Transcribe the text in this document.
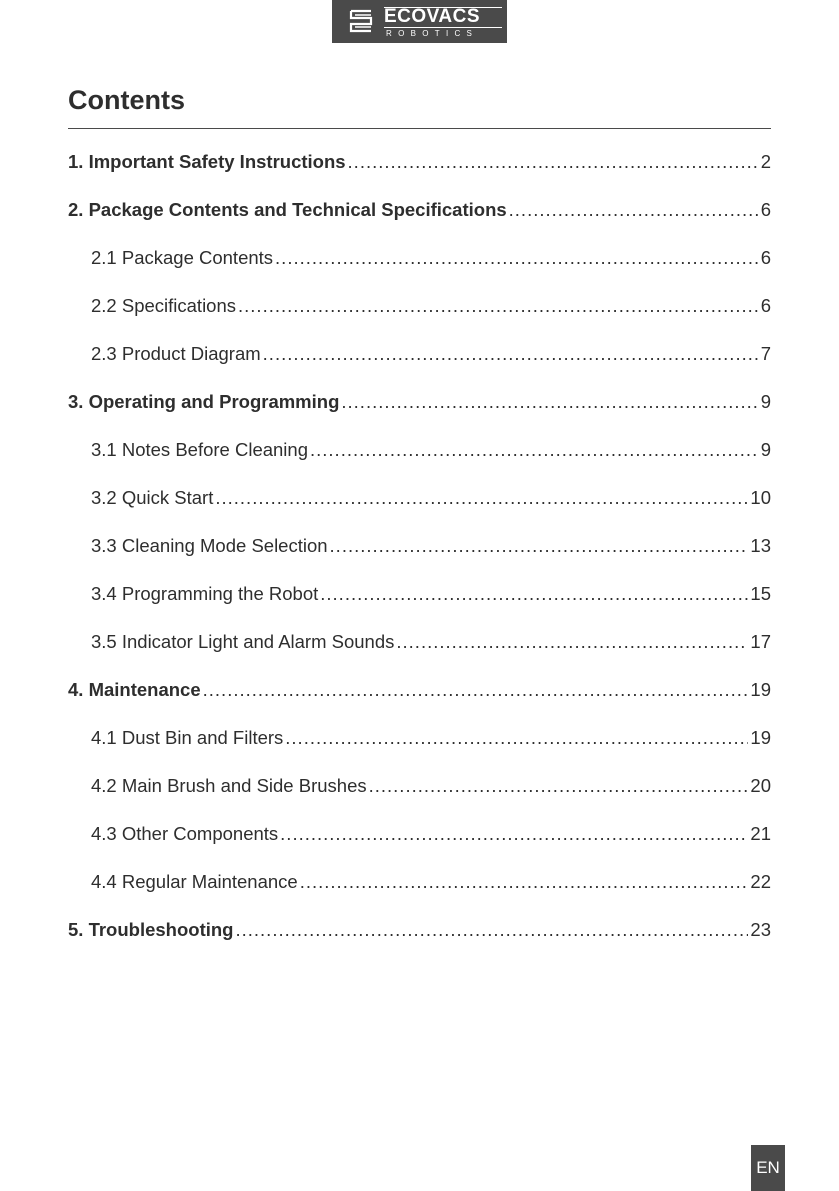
ECOVACS
ROBOTICS
Contents
1. Important Safety Instructions .....	2
2. Package Contents and Technical Specifications .....	6
2.1 Package Contents .....	6
2.2 Specifications .....	6
2.3 Product Diagram .....	7
3. Operating and Programming .....	9
3.1 Notes Before Cleaning .....	9
3.2 Quick Start .....	10
3.3 Cleaning Mode Selection .....	13
3.4 Programming the Robot .....	15
3.5 Indicator Light and Alarm Sounds .....	17
4. Maintenance .....	19
4.1 Dust Bin and Filters .....	19
4.2 Main Brush and Side Brushes .....	20
4.3 Other Components .....	21
4.4 Regular Maintenance .....	22
5. Troubleshooting .....	23
EN
